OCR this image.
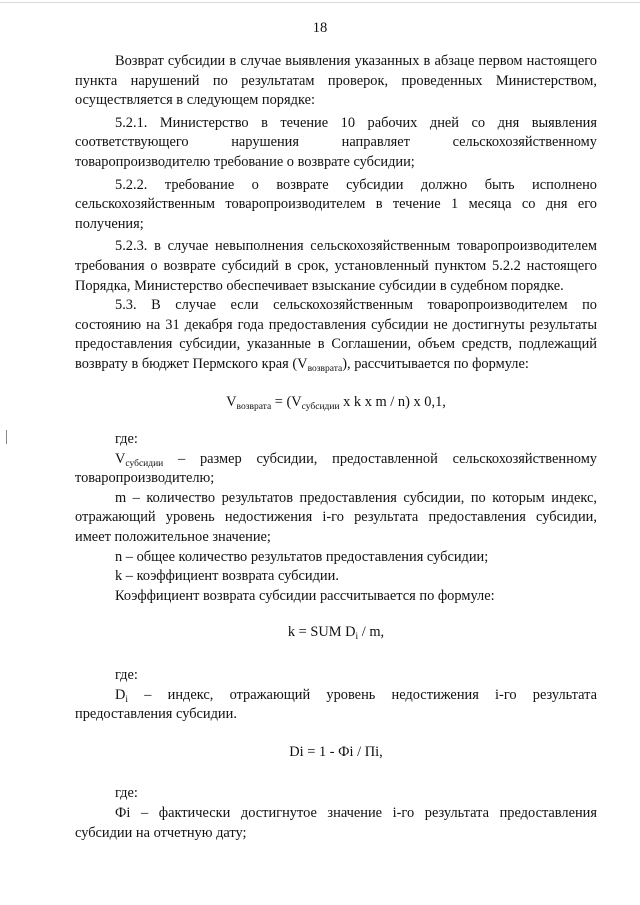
18

Возврат субсидии в случае выявления указанных в абзаце первом настоящего пункта нарушений по результатам проверок, проведенных Министерством, осуществляется в следующем порядке:

5.2.1. Министерство в течение 10 рабочих дней со дня выявления соответствующего нарушения направляет сельскохозяйственному товаропроизводителю требование о возврате субсидии;

5.2.2. требование о возврате субсидии должно быть исполнено сельскохозяйственным товаропроизводителем в течение 1 месяца со дня его получения;

5.2.3. в случае невыполнения сельскохозяйственным товаропроизводителем требования о возврате субсидий в срок, установленный пунктом 5.2.2 настоящего Порядка, Министерство обеспечивает взыскание субсидии в судебном порядке.

5.3. В случае если сельскохозяйственным товаропроизводителем по состоянию на 31 декабря года предоставления субсидии не достигнуты результаты предоставления субсидии, указанные в Соглашении, объем средств, подлежащий возврату в бюджет Пермского края $(V_{возврата})$, рассчитывается по формуле:

$V_{возврата} = (V_{субсидии}$ x k x m / n) x 0,1,

где:

$V_{субсидии}$ – размер субсидии, предоставленной сельскохозяйственному товаропроизводителю;

m – количество результатов предоставления субсидии, по которым индекс, отражающий уровень недостижения i-го результата предоставления субсидии, имеет положительное значение;

n – общее количество результатов предоставления субсидии;

k – коэффициент возврата субсидии.

Коэффициент возврата субсидии рассчитывается по формуле:

k = SUM $D_i$ / m,

где:

$D_i$ – индекс, отражающий уровень недостижения i-го результата предоставления субсидии.

Di = 1 - Фi / Пi,

где:

Фi – фактически достигнутое значение i-го результата предоставления субсидии на отчетную дату;
